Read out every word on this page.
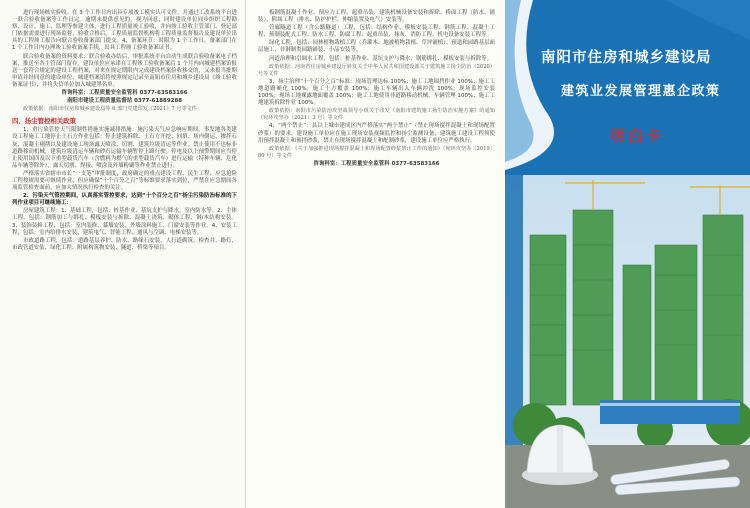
进行现场核实验收。在 3 个工作日内出具专项竣工模实认可文件，并通过工改系统平台进一联合验收备案等工作日完。逾期未提供意见的，视为同意；同时建设单位同步组织工程勘察、设计、施工、监理等参建主体，进行工程质量竣工验收，并向竣工验收主管部门、登记部门依据需要进行现场监督，验收合格后，工程质量监督机构将工程质量监督报告及建设单位出具的工程竣工报告向联合验收备案部门提交。4、备案环节：时限为 1 个工作日。备案部门在 1 个工作日内办理竣工验收备案手续，出具工程竣工验收备案证书。

联合验收备案的资料要求：联合验收办结后，审批系统平台自动生成联合验收备案电子档案，推送至各主管部门留存。建设单位应承诺在工程竣工验收备案后 1 个月内向城建档案馆报送一套符合规定的建设工程档案，对来在规定期限内完成建设档案验收移交的，又未报当批期申请并经同意的建设单位，城建档案馆将按照规定记录至南阳市住房和城乡建设局《竣工验收备案证书》，并将失信单位加入城建黑名单。

咨询科室：工程质量安全监管科 0377-63583166

南阳市建设工程质量监督站 0377-61889288

政策依据：南阳市住房和城乡建设局等 6 部门党建印发《2021》7 号等文件

四、扬尘管控相关政策

1、重污染管控天气限制性措施实施减排措施：施污染天气应急响应期间，事发地各类建设工程施工工地停止土石方作业包括：停止建筑拆除、土石方开挖、回填、场内倒运、掺拌石灰、混凝土剔凿以及建设施工现场露天喷涂、切割、建筑垃圾清运等作业。禁止使用不达标非道路移动机械，建筑垃圾清运车辆和砂石运输车辆暂停上路行驶。停电及以上预警期间应当停止使用国四及以下重型载货汽车（含燃料为燃气的重型载货汽车）进行运输（特种车辆、危化品车辆等除外），露天切割、焊接、喷涂及外墙粉刷等作业禁止进行。

严格落实省辖市市长“一支笔”审批制度，政府确定的重点建设工程、民生工程、应急抢险工程按规需要可继续作业，但应确保“十个百分之百”等标准要求落实到位，严禁在应急期间各项监管检查面前，应加大情况执行检查的关注。

2、污染天气管控期间，认真落实管控要求，达到“十个百分之百”扬尘污染防治标准的下列作业项目可继续施工：

房屋建筑工程：1、基础工程，包括：桩基作业、基坑支护与降水。室内防水等。2、主体工程，包括：钢筋加工与绑扎、模板安装与拆除、混凝土浇筑、砌体工程、钢/木结构安装。3、装饰装修工程，包括：室内装修、幕墙安装、外墙涂料施工、门窗安装等作业。4、安装工程，包括：室内给排水安装、建筑电气、智能工程、通风与空调、电梯安装等。

市政道路工程，包括：道路基层养护、防水、路缘石安装、人行道砌筑、检查井、路灯、市政管道安装、绿化工程、附属构筑物安装、隧道、桥梁等项目。

板钢筋混凝土作业、预应力工程、起重吊装、建筑机械设备安装和拆除、桥面工程（防水、铺装）、附属工程（排水、防护护栏、伸缩装置及电气）安装等。

管廊隧道工程（含公路隧道）工程，包括：结构作业、模板安装工程、钢筋工程、混凝土工程、预制装配式工程、防水工程、防腐工程、起重吊装、抹灰、消防工程、机电设备安装工程等。

绿化工程，包括：园林植物栽植工程（乔灌木、地被植物栽植、草坪铺植）、预道和园路基层面层施工、非钢制类园路铺装、小品安装等。

河道治理和引调水工程，包括：桩基作业、基坑支护与降水、钢筋绑扎、模板安装与拆除等。

政策依据：河南省住房城乡建设厅转发关于中华人民共和国建设部关于建筑施工扬尘防治（2020）号等文件

3、扬尘治理“十个百分之百”标准：现场管理达标 100%；施工工地围挡作业 100%；施工工地道路硬化 100%；施工土方覆盖 100%；施工车辆出入车辆冲洗 100%；现场监控安装 100%；现场工地裸露地面覆盖 100%；施工工地使用非道路移动机械、车辆管理 100%；施工工地建筑拆除作业 100%。

政策依据：南阳市污染防治攻坚战领导小组关于印发《南阳市建筑施工扬尘防治实施方案》的通知（宛环攻坚办〔2021〕3 号）等文件

4、“两个禁止”：县以上城市建成区内严格落实“两个禁止”（禁止现场搅拌混凝土和现场配置砂浆）的要求。建设施工单位应在施工现场安装视频监控和扬尘监测设备，建筑施工建设工程须使用预拌混凝土和预拌砂浆，禁止在现场搅拌混凝土和配制砂浆，建设施工单位应严格执行。

政策依据：《关于加强推进现场搅拌混凝土和现场配置砂浆禁止工作的通知》（宛环攻坚办〔2019〕80 号）等文件

咨询科室：工程质量安全监管科 0377-63583166

南阳市住房和城乡建设局
建筑业发展管理惠企政策
明白卡
